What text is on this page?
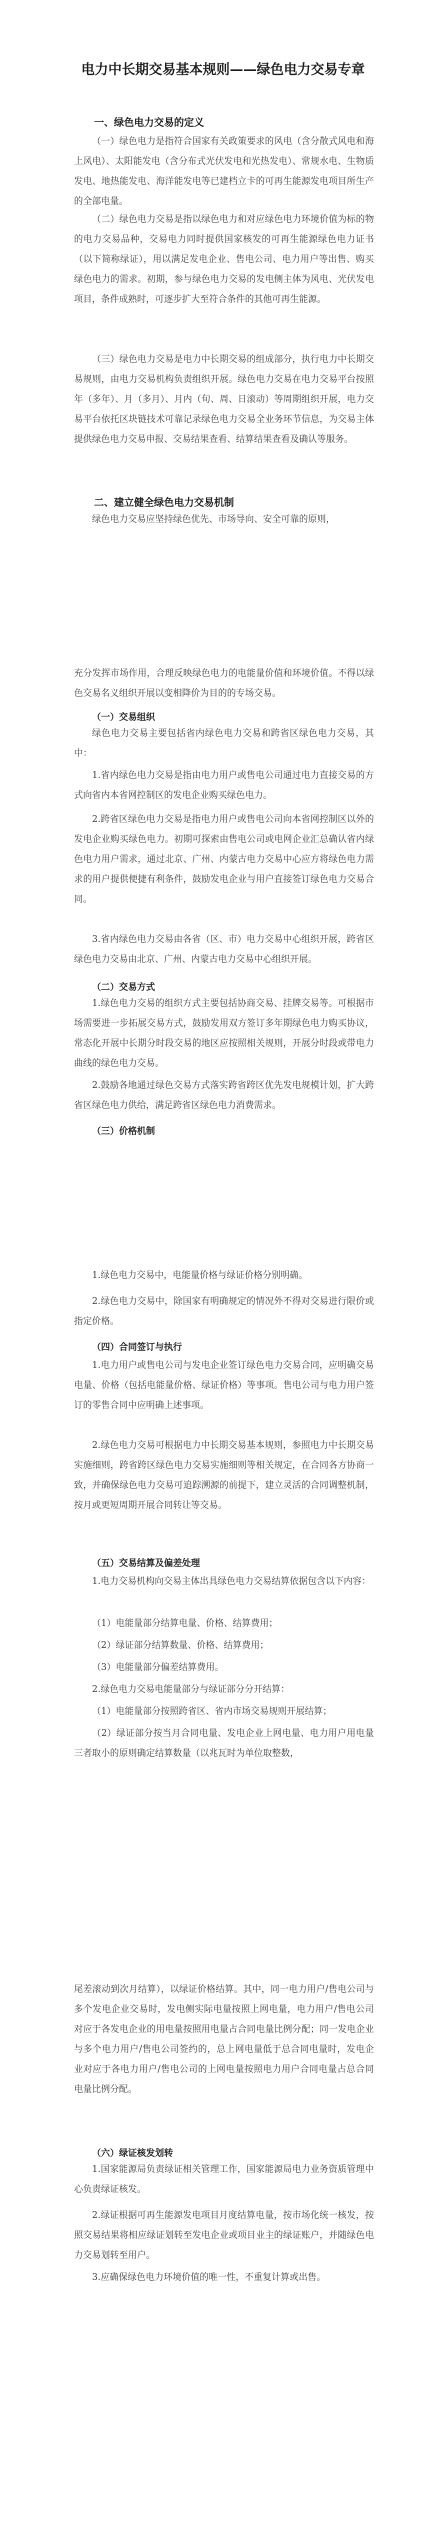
电力中长期交易基本规则——绿色电力交易专章
一、绿色电力交易的定义
（一）绿色电力是指符合国家有关政策要求的风电（含分散式风电和海上风电）、太阳能发电（含分布式光伏发电和光热发电）、常规水电、生物质发电、地热能发电、海洋能发电等已建档立卡的可再生能源发电项目所生产的全部电量。
（二）绿色电力交易是指以绿色电力和对应绿色电力环境价值为标的物的电力交易品种，交易电力同时提供国家核发的可再生能源绿色电力证书（以下简称绿证），用以满足发电企业、售电公司、电力用户等出售、购买绿色电力的需求。初期，参与绿色电力交易的发电侧主体为风电、光伏发电项目，条件成熟时，可逐步扩大至符合条件的其他可再生能源。
（三）绿色电力交易是电力中长期交易的组成部分，执行电力中长期交易规则，由电力交易机构负责组织开展。绿色电力交易在电力交易平台按照年（多年）、月（多月）、月内（旬、周、日滚动）等周期组织开展，电力交易平台依托区块链技术可靠记录绿色电力交易全业务环节信息，为交易主体提供绿色电力交易申报、交易结果查看、结算结果查看及确认等服务。
二、建立健全绿色电力交易机制
绿色电力交易应坚持绿色优先、市场导向、安全可靠的原则，
充分发挥市场作用，合理反映绿色电力的电能量价值和环境价值。不得以绿色交易名义组织开展以变相降价为目的的专场交易。
（一）交易组织
绿色电力交易主要包括省内绿色电力交易和跨省区绿色电力交易，其中：
1.省内绿色电力交易是指由电力用户或售电公司通过电力直接交易的方式向省内本省网控制区的发电企业购买绿色电力。
2.跨省区绿色电力交易是指电力用户或售电公司向本省网控制区以外的发电企业购买绿色电力。初期可探索由售电公司或电网企业汇总确认省内绿色电力用户需求，通过北京、广州、内蒙古电力交易中心应方将绿色电力需求的用户提供便捷有利条件，鼓励发电企业与用户直接签订绿色电力交易合同。
3.省内绿色电力交易由各省（区、市）电力交易中心组织开展，跨省区绿色电力交易由北京、广州、内蒙古电力交易中心组织开展。
（二）交易方式
1.绿色电力交易的组织方式主要包括协商交易、挂牌交易等。可根据市场需要进一步拓展交易方式，鼓励发用双方签订多年期绿色电力购买协议，常态化开展中长期分时段交易的地区应按照相关规则，开展分时段或带电力曲线的绿色电力交易。
2.鼓励各地通过绿色交易方式落实跨省跨区优先发电规模计划，扩大跨省区绿色电力供给，满足跨省区绿色电力消费需求。
（三）价格机制
1.绿色电力交易中，电能量价格与绿证价格分别明确。
2.绿色电力交易中，除国家有明确规定的情况外不得对交易进行限价或指定价格。
（四）合同签订与执行
1.电力用户或售电公司与发电企业签订绿色电力交易合同，应明确交易电量、价格（包括电能量价格、绿证价格）等事项。售电公司与电力用户签订的零售合同中应明确上述事项。
2.绿色电力交易可根据电力中长期交易基本规则，参照电力中长期交易实施细则，跨省跨区绿色电力交易实施细则等相关规定，在合同各方协商一致，并确保绿色电力交易可追踪溯源的前提下，建立灵活的合同调整机制，按月或更短周期开展合同转让等交易。
（五）交易结算及偏差处理
1.电力交易机构向交易主体出具绿色电力交易结算依据包含以下内容：
（1）电能量部分结算电量、价格、结算费用；
（2）绿证部分结算数量、价格、结算费用；
（3）电能量部分偏差结算费用。
2.绿色电力交易电能量部分与绿证部分分开结算：
（1）电能量部分按照跨省区、省内市场交易规则开展结算；
（2）绿证部分按当月合同电量、发电企业上网电量、电力用户用电量三者取小的原则确定结算数量（以兆瓦时为单位取整数，
尾差滚动到次月结算），以绿证价格结算。其中，同一电力用户/售电公司与多个发电企业交易时，发电侧实际电量按照上网电量，电力用户/售电公司对应于各发电企业的用电量按照用电量占合同电量比例分配；同一发电企业与多个电力用户/售电公司签约的，总上网电量低于总合同电量时，发电企业对应于各电力用户/售电公司的上网电量按照电力用户合同电量占总合同电量比例分配。
（六）绿证核发划转
1.国家能源局负责绿证相关管理工作，国家能源局电力业务资质管理中心负责绿证核发。
2.绿证根据可再生能源发电项目月度结算电量，按市场化统一核发，按照交易结果将相应绿证划转至发电企业或项目业主的绿证账户，并随绿色电力交易划转至用户。
3.应确保绿色电力环境价值的唯一性，不重复计算或出售。
